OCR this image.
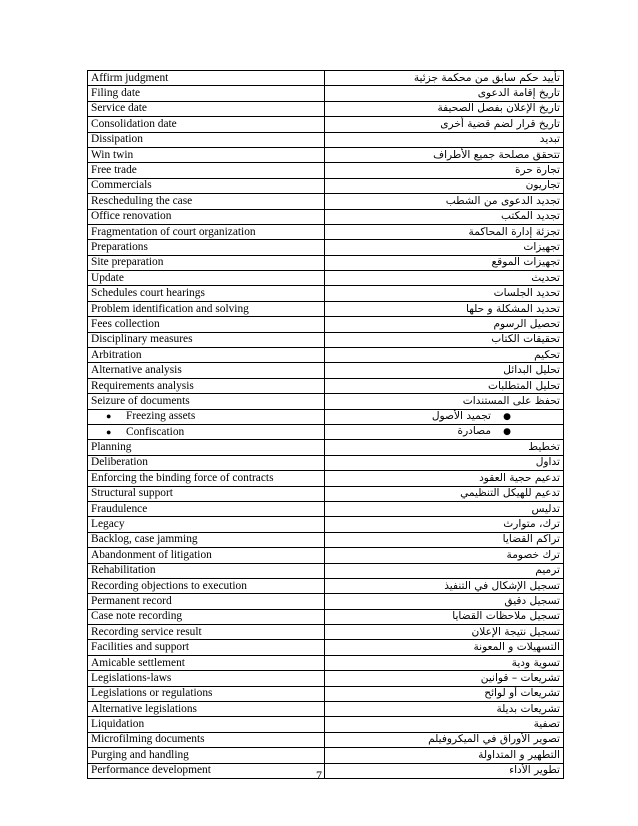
Affirm judgment	تأييد حكم سابق من محكمة جزئية
Filing date	تاريخ إقامة الدعوى
Service date	تاريخ الإعلان بفصل الصحيفة
Consolidation date	تاريخ قرار لضم قضية أخرى
Dissipation	تبديد
Win twin	تتحقق مصلحة جميع الأطراف
Free trade	تجارة حرة
Commercials	تجاريون
Rescheduling the case	تجديد الدعوى من الشطب
Office renovation	تجديد المكتب
Fragmentation of court organization	تجزئة إدارة المحاكمة
Preparations	تجهيزات
Site preparation	تجهيزات الموقع
Update	تحديث
Schedules court hearings	تحديد الجلسات
Problem identification and solving	تحديد المشكلة و حلها
Fees collection	تحصيل الرسوم
Disciplinary measures	تحقيقات الكتاب
Arbitration	تحكيم
Alternative analysis	تحليل البدائل
Requirements analysis	تحليل المتطلبات
Seizure of documents	تحفظ على المستندات
● Freezing assets	●تجميد الأصول
● Confiscation	●مصادرة
Planning	تخطيط
Deliberation	تداول
Enforcing the binding force of contracts	تدعيم حجية العقود
Structural support	تدعيم للهيكل التنظيمي
Fraudulence	تدليس
Legacy	ترك، متوارث
Backlog, case jamming	تراكم القضايا
Abandonment of litigation	ترك خصومة
Rehabilitation	ترميم
Recording objections to execution	تسجيل الإشكال في التنفيذ
Permanent record	تسجيل دقيق
Case note recording	تسجيل ملاحظات القضايا
Recording service result	تسجيل نتيجة الإعلان
Facilities and support	التسهيلات و المعونة
Amicable settlement	تسوية ودية
Legislations-laws	تشريعات – قوانين
Legislations or regulations	تشريعات أو لوائح
Alternative legislations	تشريعات بديلة
Liquidation	تصفية
Microfilming documents	تصوير الأوراق في الميكروفيلم
Purging and handling	التطهير و المتداولة
Performance development	تطوير الأداء
7
